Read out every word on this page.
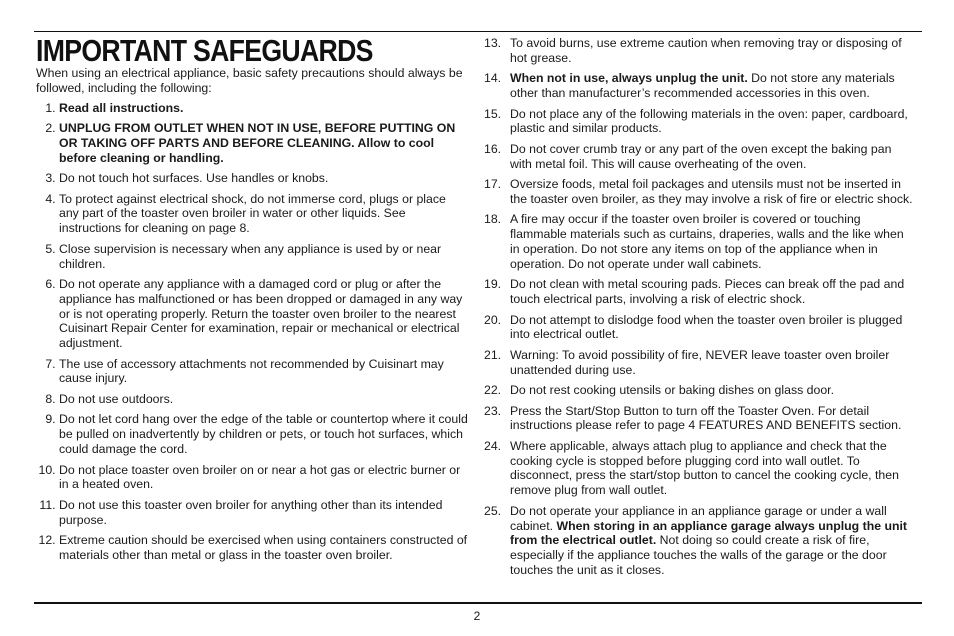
IMPORTANT SAFEGUARDS

When using an electrical appliance, basic safety precautions should always be followed, including the following:

1. Read all instructions.
2. UNPLUG FROM OUTLET WHEN NOT IN USE, BEFORE PUTTING ON OR TAKING OFF PARTS AND BEFORE CLEANING. Allow to cool before cleaning or handling.
3. Do not touch hot surfaces. Use handles or knobs.
4. To protect against electrical shock, do not immerse cord, plugs or place any part of the toaster oven broiler in water or other liquids. See instructions for cleaning on page 8.
5. Close supervision is necessary when any appliance is used by or near children.
6. Do not operate any appliance with a damaged cord or plug or after the appliance has malfunctioned or has been dropped or damaged in any way or is not operating properly. Return the toaster oven broiler to the nearest Cuisinart Repair Center for examination, repair or mechanical or electrical adjustment.
7. The use of accessory attachments not recommended by Cuisinart may cause injury.
8. Do not use outdoors.
9. Do not let cord hang over the edge of the table or countertop where it could be pulled on inadvertently by children or pets, or touch hot surfaces, which could damage the cord.
10. Do not place toaster oven broiler on or near a hot gas or electric burner or in a heated oven.
11. Do not use this toaster oven broiler for anything other than its intended purpose.
12. Extreme caution should be exercised when using containers constructed of materials other than metal or glass in the toaster oven broiler.
13. To avoid burns, use extreme caution when removing tray or disposing of hot grease.
14. When not in use, always unplug the unit. Do not store any materials other than manufacturer’s recommended accessories in this oven.
15. Do not place any of the following materials in the oven: paper, cardboard, plastic and similar products.
16. Do not cover crumb tray or any part of the oven except the baking pan with metal foil. This will cause overheating of the oven.
17. Oversize foods, metal foil packages and utensils must not be inserted in the toaster oven broiler, as they may involve a risk of fire or electric shock.
18. A fire may occur if the toaster oven broiler is covered or touching flammable materials such as curtains, draperies, walls and the like when in operation. Do not store any items on top of the appliance when in operation. Do not operate under wall cabinets.
19. Do not clean with metal scouring pads. Pieces can break off the pad and touch electrical parts, involving a risk of electric shock.
20. Do not attempt to dislodge food when the toaster oven broiler is plugged into electrical outlet.
21. Warning: To avoid possibility of fire, NEVER leave toaster oven broiler unattended during use.
22. Do not rest cooking utensils or baking dishes on glass door.
23. Press the Start/Stop Button to turn off the Toaster Oven. For detail instructions please refer to page 4 FEATURES AND BENEFITS section.
24. Where applicable, always attach plug to appliance and check that the cooking cycle is stopped before plugging cord into wall outlet. To disconnect, press the start/stop button to cancel the cooking cycle, then remove plug from wall outlet.
25. Do not operate your appliance in an appliance garage or under a wall cabinet. When storing in an appliance garage always unplug the unit from the electrical outlet. Not doing so could create a risk of fire, especially if the appliance touches the walls of the garage or the door touches the unit as it closes.
2
